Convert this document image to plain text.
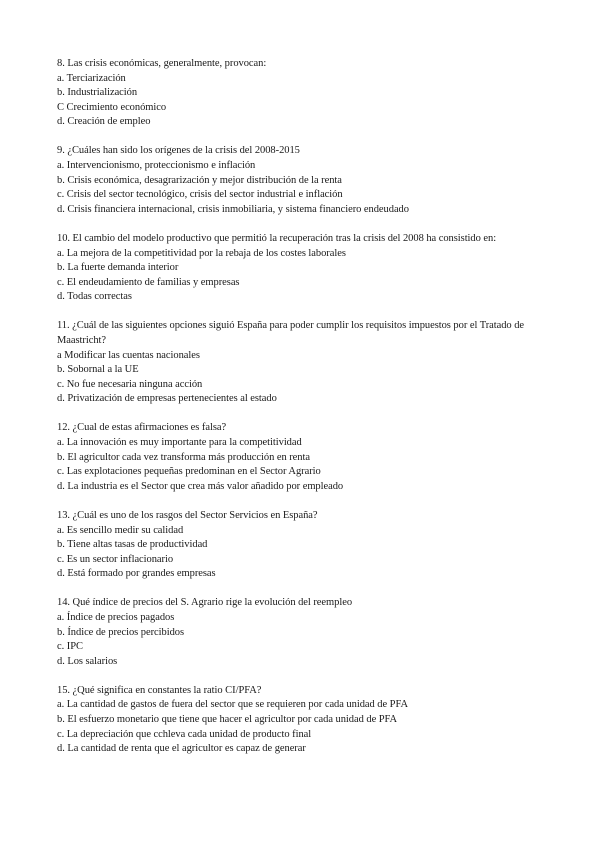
8. Las crisis económicas, generalmente, provocan:
a. Terciarización
b. Industrialización
C Crecimiento económico
d. Creación de empleo
9. ¿Cuáles han sido los orígenes de la crisis del 2008-2015
a. Intervencionismo, proteccionismo e inflación
b. Crisis económica, desagrarización y mejor distribución de la renta
c. Crisis del sector tecnológico, crisis del sector industrial e inflación
d. Crisis financiera internacional, crisis inmobiliaria, y sistema financiero endeudado
10. El cambio del modelo productivo que permitió la recuperación tras la crisis del 2008 ha consistido en:
a. La mejora de la competitividad por la rebaja de los costes laborales
b. La fuerte demanda interior
c. El endeudamiento de familias y empresas
d. Todas correctas
11. ¿Cuál de las siguientes opciones siguió España para poder cumplir los requisitos impuestos por el Tratado de Maastricht?
a Modificar las cuentas nacionales
b. Sobornal a la UE
c. No fue necesaria ninguna acción
d. Privatización de empresas pertenecientes al estado
12. ¿Cual de estas afirmaciones es falsa?
a. La innovación es muy importante para la competitividad
b. El agricultor cada vez transforma más producción en renta
c. Las explotaciones pequeñas predominan en el Sector Agrario
d. La industria es el Sector que crea más valor añadido por empleado
13. ¿Cuál es uno de los rasgos del Sector Servicios en España?
a. Es sencillo medir su calidad
b. Tiene altas tasas de productividad
c. Es un sector inflacionario
d. Está formado por grandes empresas
14. Qué índice de precios del S. Agrario rige la evolución del reempleo
a. Índice de precios pagados
b. Índice de precios percibidos
c. IPC
d. Los salarios
15. ¿Qué significa en constantes la ratio CI/PFA?
a. La cantidad de gastos de fuera del sector que se requieren por cada unidad de PFA
b. El esfuerzo monetario que tiene que hacer el agricultor por cada unidad de PFA
c. La depreciación que cchleva cada unidad de producto final
d. La cantidad de renta que el agricultor es capaz de generar
